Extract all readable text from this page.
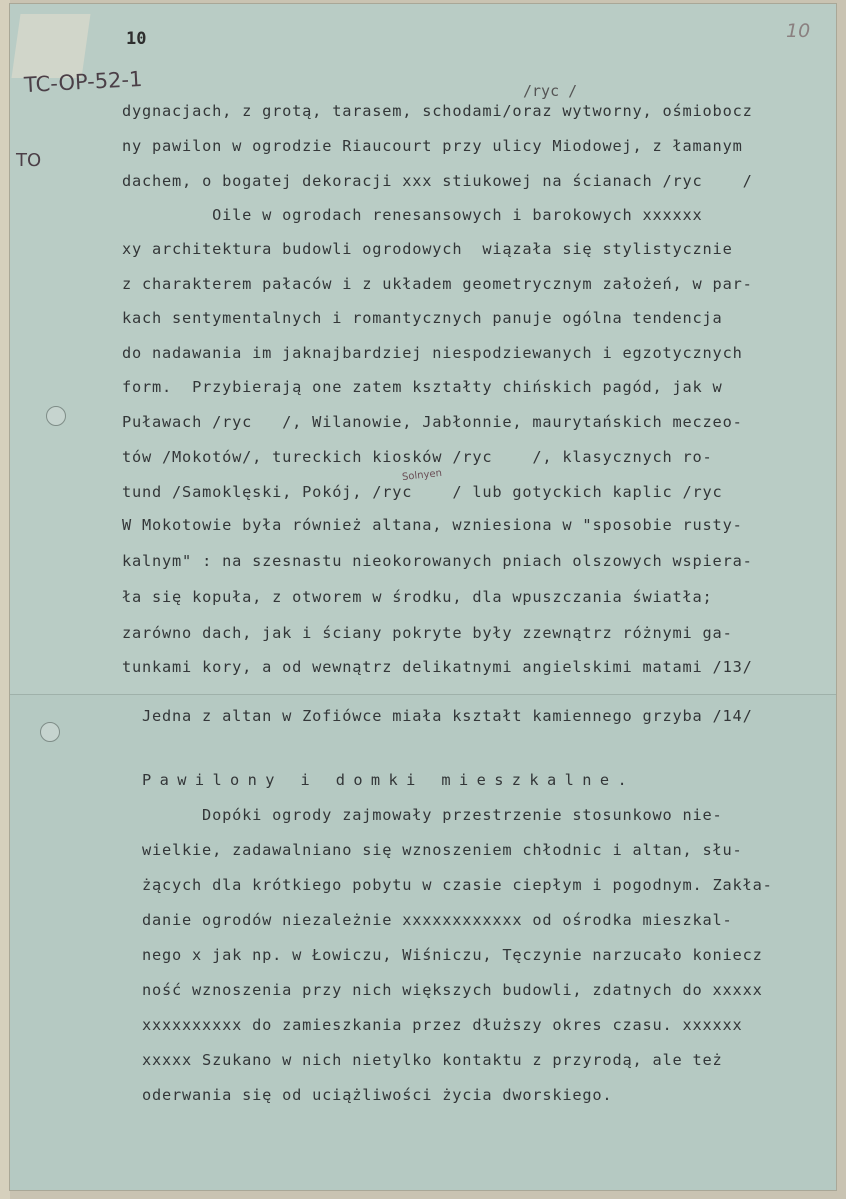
10	10
TC-OP-52-1
TO
/ryc /
Solnyen
dygnacjach, z grotą, tarasem, schodami/oraz wytworny, ośmiobocz
ny pawilon w ogrodzie Riaucourt przy ulicy Miodowej, z łamanym
dachem, o bogatej dekoracji xxx stiukowej na ścianach /ryc    /
Oile w ogrodach renesansowych i barokowych xxxxxx
xy architektura budowli ogrodowych  wiązała się stylistycznie
z charakterem pałaców i z układem geometrycznym założeń, w par-
kach sentymentalnych i romantycznych panuje ogólna tendencja
do nadawania im jaknajbardziej niespodziewanych i egzotycznych
form.  Przybierają one zatem kształty chińskich pagód, jak w
Puławach /ryc   /, Wilanowie, Jabłonnie, maurytańskich meczeo-
tów /Mokotów/, tureckich kiosków /ryc    /, klasycznych ro-
tund /Samoklęski, Pokój, /ryc    / lub gotyckich kaplic /ryc
W Mokotowie była również altana, wzniesiona w "sposobie rusty-
kalnym" : na szesnastu nieokorowanych pniach olszowych wspiera-
ła się kopuła, z otworem w środku, dla wpuszczania światła;
zarówno dach, jak i ściany pokryte były zzewnątrz różnymi ga-
tunkami kory, a od wewnątrz delikatnymi angielskimi matami /13/
Jedna z altan w Zofiówce miała kształt kamiennego grzyba /14/
Pawilony i domki mieszkalne.
Dopóki ogrody zajmowały przestrzenie stosunkowo nie-
wielkie, zadawalniano się wznoszeniem chłodnic i altan, słu-
żących dla krótkiego pobytu w czasie ciepłym i pogodnym. Zakła-
danie ogrodów niezależnie xxxxxxxxxxxx od ośrodka mieszkal-
nego x jak np. w Łowiczu, Wiśniczu, Tęczynie narzucało koniecz
ność wznoszenia przy nich większych budowli, zdatnych do xxxxx
xxxxxxxxxx do zamieszkania przez dłuższy okres czasu. xxxxxx
xxxxx Szukano w nich nietylko kontaktu z przyrodą, ale też
oderwania się od uciążliwości życia dworskiego.
